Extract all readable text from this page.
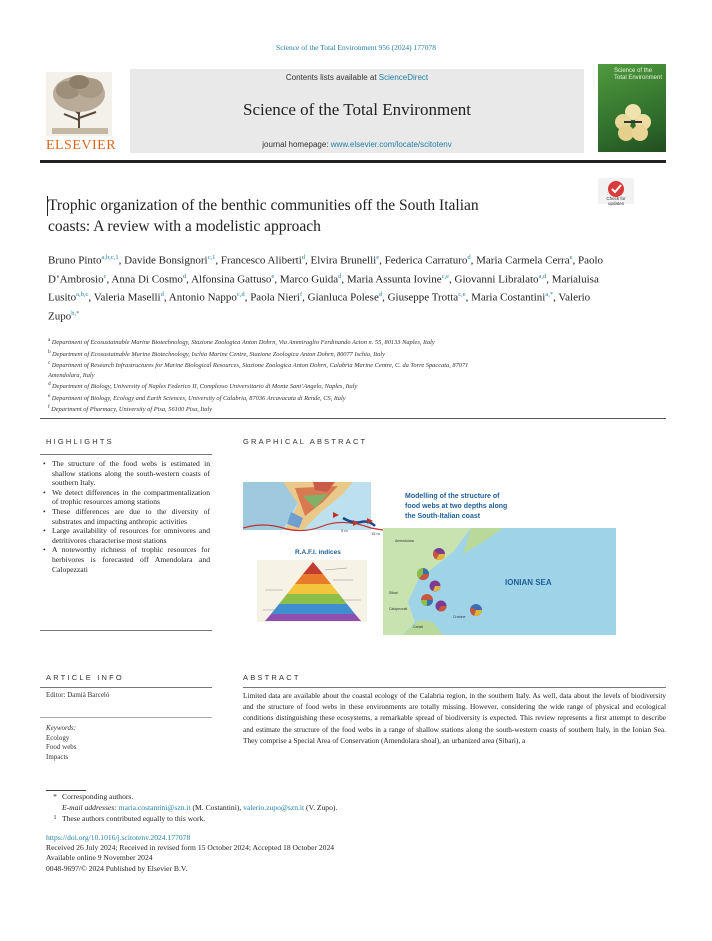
Science of the Total Environment 956 (2024) 177078
ELSEVIER
Contents lists available at ScienceDirect
Science of the Total Environment
journal homepage: www.elsevier.com/locate/scitotenv
Science of the Total Environment
Check for updates
Trophic organization of the benthic communities off the South Italian
coasts: A review with a modelistic approach
Bruno Pinto$^{a,b,c,1}$, Davide Bonsignori$^{c,1}$, Francesco Aliberti$^d$, Elvira Brunelli$^e$, Federica Carraturo$^d$, Maria Carmela Cerra$^e$, Paolo D’Ambrosio$^c$, Anna Di Cosmo$^d$, Alfonsina Gattuso$^e$, Marco Guida$^d$, Maria Assunta Iovine$^{c,e}$, Giovanni Libralato$^{a,d}$, Marialuisa Lusito$^{a,b,c}$, Valeria Maselli$^d$, Antonio Nappo$^{c,d}$, Paola Nieri$^f$, Gianluca Polese$^d$, Giuseppe Trotta$^{c,e}$, Maria Costantini$^{a,*}$, Valerio Zupo$^{b,*}$
$^a$ Department of Ecosustainable Marine Biotechnology, Stazione Zoologica Anton Dohrn, Via Ammiraglio Ferdinando Acton n. 55, 80133 Naples, Italy
$^b$ Department of Ecosustainable Marine Biotechnology, Ischia Marine Centre, Stazione Zoologica Anton Dohrn, 80077 Ischia, Italy
$^c$ Department of Research Infrastructures for Marine Biological Resources, Stazione Zoologica Anton Dohrn, Calabria Marine Centre, C. da Torre Spaccata, 87071
Amendolara, Italy
$^d$ Department of Biology, University of Naples Federico II, Complesso Universitario di Monte Sant’Angelo, Naples, Italy
$^e$ Department of Biology, Ecology and Earth Sciences, University of Calabria, 87036 Arcavacata di Rende, CS, Italy
$^f$ Department of Pharmacy, University of Pisa, 56100 Pisa, Italy
HIGHLIGHTS
• The structure of the food webs is estimated in shallow stations along the south-western coasts of southern Italy.
• We detect differences in the compartmentalization of trophic resources among stations
• These differences are due to the diversity of substrates and impacting anthropic activities
• Large availability of resources for omnivores and detritivores characterise most stations
• A noteworthy richness of trophic resources for herbivores is forecasted off Amendolara and Calopezzati
GRAPHICAL ABSTRACT
5 m
15 m
Modelling of the structure of
food webs at two depths along
the South-Italian coast
R.A.F.I. indices
IONIAN SEA
Amendolara
Sibari
Calopezzati
Cariati
Crotone
ARTICLE INFO	ABSTRACT
Editor: Damià Barceló
Keywords:
Ecology
Food webs
Impacts
Limited data are available about the coastal ecology of the Calabria region, in the southern Italy. As well, data about the levels of biodiversity and the structure of food webs in these environments are totally missing. However, considering the wide range of physical and ecological conditions distinguishing these ecosystems, a remarkable spread of biodiversity is expected. This review represents a first attempt to describe and estimate the structure of the food webs in a range of shallow stations along the south-western coasts of southern Italy, in the Ionian Sea. They comprise a Special Area of Conservation (Amendolara shoal), an urbanized area (Sibari), a
* Corresponding authors.
E-mail addresses: maria.costantini@szn.it (M. Costantini), valerio.zupo@szn.it (V. Zupo).
1 These authors contributed equally to this work.
https://doi.org/10.1016/j.scitotenv.2024.177078
Received 26 July 2024; Received in revised form 15 October 2024; Accepted 18 October 2024
Available online 9 November 2024
0048-9697/© 2024 Published by Elsevier B.V.
